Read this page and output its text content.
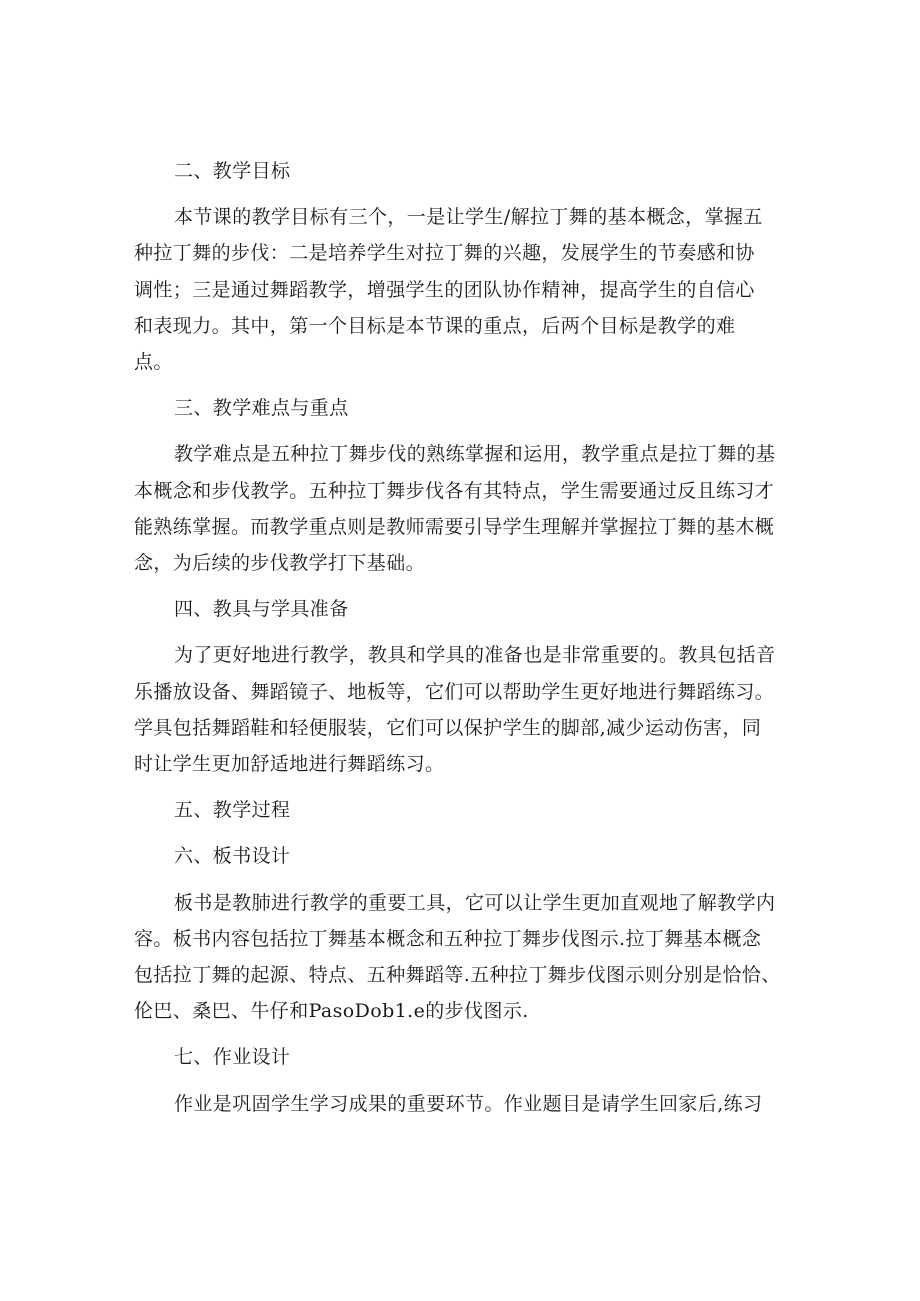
二、教学目标

本节课的教学目标有三个，一是让学生/解拉丁舞的基本概念，掌握五
种拉丁舞的步伐：二是培养学生对拉丁舞的兴趣，发展学生的节奏感和协
调性；三是通过舞蹈教学，增强学生的团队协作精神，提高学生的自信心
和表现力。其中，第一个目标是本节课的重点，后两个目标是教学的难
点。

三、教学难点与重点

教学难点是五种拉丁舞步伐的熟练掌握和运用，教学重点是拉丁舞的基
本概念和步伐教学。五种拉丁舞步伐各有其特点，学生需要通过反且练习才
能熟练掌握。而教学重点则是教师需要引导学生理解并掌握拉丁舞的基木概
念，为后续的步伐教学打下基础。

四、教具与学具准备

为了更好地进行教学，教具和学具的准备也是非常重要的。教具包括音
乐播放设备、舞蹈镜子、地板等，它们可以帮助学生更好地进行舞蹈练习。
学具包括舞蹈鞋和轻便服装，它们可以保护学生的脚部,减少运动伤害，同
时让学生更加舒适地进行舞蹈练习。

五、教学过程

六、板书设计

板书是教肺进行教学的重要工具，它可以让学生更加直观地了解教学内
容。板书内容包括拉丁舞基本概念和五种拉丁舞步伐图示.拉丁舞基本概念
包括拉丁舞的起源、特点、五种舞蹈等.五种拉丁舞步伐图示则分别是恰恰、
伦巴、桑巴、牛仔和PasoDob1.e的步伐图示.

七、作业设计

作业是巩固学生学习成果的重要环节。作业题目是请学生回家后,练习
